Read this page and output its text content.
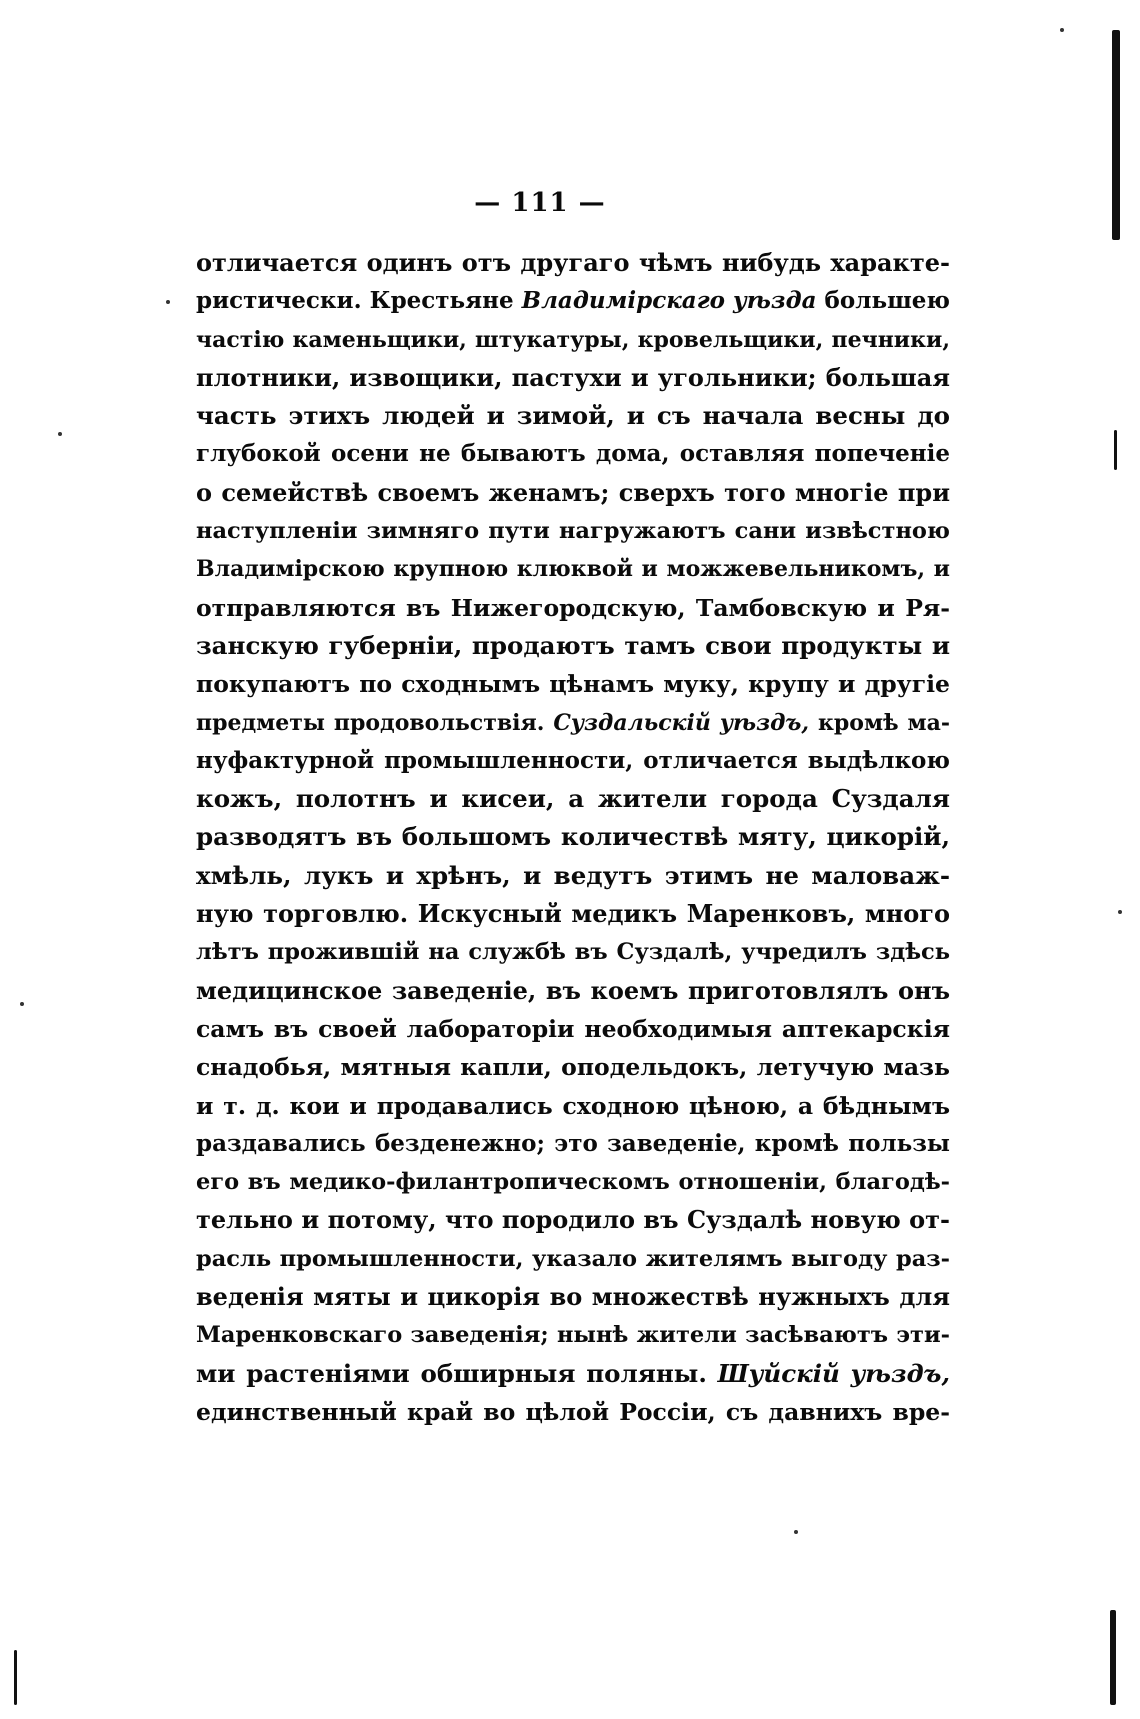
— 111 —
отличается одинъ отъ другаго чѣмъ нибудь характе-
ристически. Крестьяне Владимірскаго уѣзда большею
частію каменьщики, штукатуры, кровельщики, печники,
плотники, извощики, пастухи и угольники; большая
часть этихъ людей и зимой, и съ начала весны до
глубокой осени не бываютъ дома, оставляя попеченіе
о семействѣ своемъ женамъ; сверхъ того многіе при
наступленіи зимняго пути нагружаютъ сани извѣстною
Владимірскою крупною клюквой и можжевельникомъ, и
отправляются въ Нижегородскую, Тамбовскую и Ря-
занскую губерніи, продаютъ тамъ свои продукты и
покупаютъ по сходнымъ цѣнамъ муку, крупу и другіе
предметы продовольствія. Суздальскій уѣздъ, кромѣ ма-
нуфактурной промышленности, отличается выдѣлкою
кожъ, полотнъ и кисеи, а жители города Суздаля
разводятъ въ большомъ количествѣ мяту, цикорій,
хмѣль, лукъ и хрѣнъ, и ведутъ этимъ не маловаж-
ную торговлю. Искусный медикъ Маренковъ, много
лѣтъ прожившій на службѣ въ Суздалѣ, учредилъ здѣсь
медицинское заведеніе, въ коемъ приготовлялъ онъ
самъ въ своей лабораторіи необходимыя аптекарскія
снадобья, мятныя капли, оподельдокъ, летучую мазь
и т. д. кои и продавались сходною цѣною, а бѣднымъ
раздавались безденежно; это заведеніе, кромѣ пользы
его въ медико-филантропическомъ отношеніи, благодѣ-
тельно и потому, что породило въ Суздалѣ новую от-
расль промышленности, указало жителямъ выгоду раз-
веденія мяты и цикорія во множествѣ нужныхъ для
Маренковскаго заведенія; нынѣ жители засѣваютъ эти-
ми растеніями обширныя поляны. Шуйскій уѣздъ,
единственный край во цѣлой Россіи, съ давнихъ вре-
